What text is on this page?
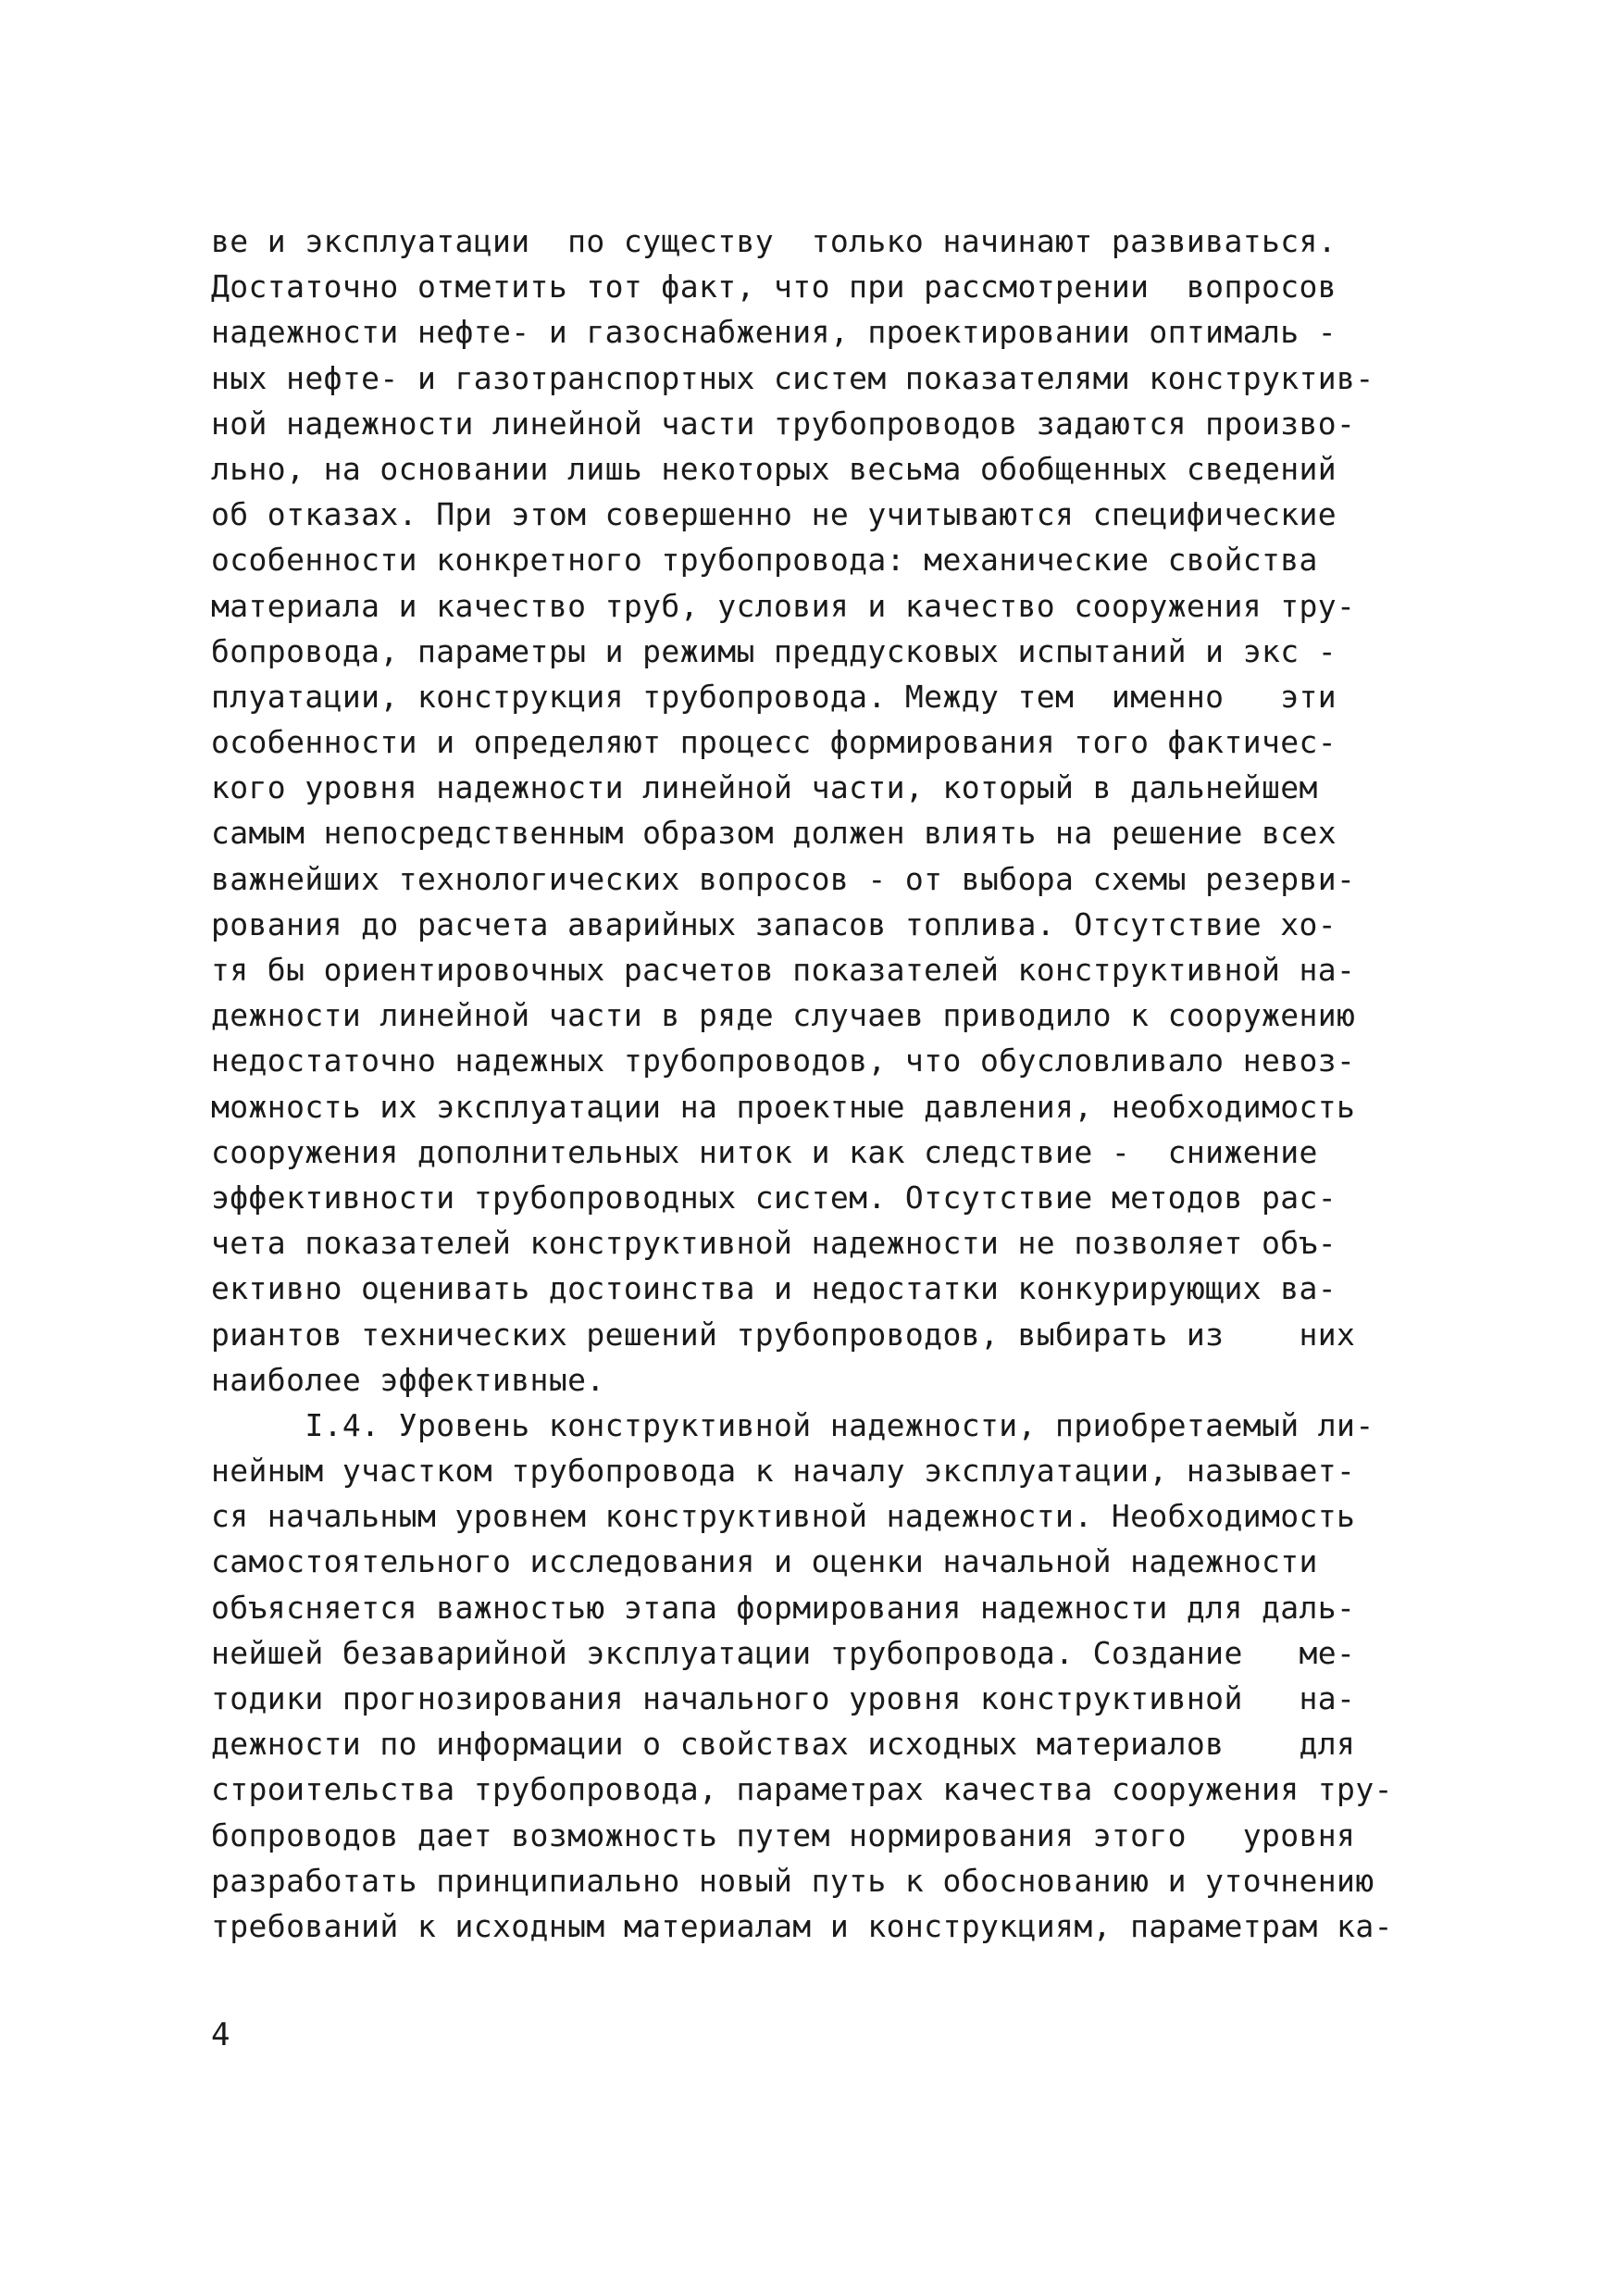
ве и эксплуатации  по существу  только начинают развиваться.
Достаточно отметить тот факт, что при рассмотрении  вопросов
надежности нефте- и газоснабжения, проектировании оптималь -
ных нефте- и газотранспортных систем показателями конструктив-
ной надежности линейной части трубопроводов задаются произво-
льно, на основании лишь некоторых весьма обобщенных сведений
об отказах. При этом совершенно не учитываются специфические
особенности конкретного трубопровода: механические свойства
материала и качество труб, условия и качество сооружения тру-
бопровода, параметры и режимы преддусковых испытаний и экс -
плуатации, конструкция трубопровода. Между тем  именно   эти
особенности и определяют процесс формирования того фактичес-
кого уровня надежности линейной части, который в дальнейшем
самым непосредственным образом должен влиять на решение всех
важнейших технологических вопросов - от выбора схемы резерви-
рования до расчета аварийных запасов топлива. Отсутствие хо-
тя бы ориентировочных расчетов показателей конструктивной на-
дежности линейной части в ряде случаев приводило к сооружению
недостаточно надежных трубопроводов, что обусловливало невоз-
можность их эксплуатации на проектные давления, необходимость
сооружения дополнительных ниток и как следствие -  снижение
эффективности трубопроводных систем. Отсутствие методов рас-
чета показателей конструктивной надежности не позволяет объ-
ективно оценивать достоинства и недостатки конкурирующих ва-
риантов технических решений трубопроводов, выбирать из    них
наиболее эффективные.
I.4. Уровень конструктивной надежности, приобретаемый ли-
нейным участком трубопровода к началу эксплуатации, называет-
ся начальным уровнем конструктивной надежности. Необходимость
самостоятельного исследования и оценки начальной надежности
объясняется важностью этапа формирования надежности для даль-
нейшей безаварийной эксплуатации трубопровода. Создание   ме-
тодики прогнозирования начального уровня конструктивной   на-
дежности по информации о свойствах исходных материалов    для
строительства трубопровода, параметрах качества сооружения тру-
бопроводов дает возможность путем нормирования этого   уровня
разработать принципиально новый путь к обоснованию и уточнению
требований к исходным материалам и конструкциям, параметрам ка-
4
